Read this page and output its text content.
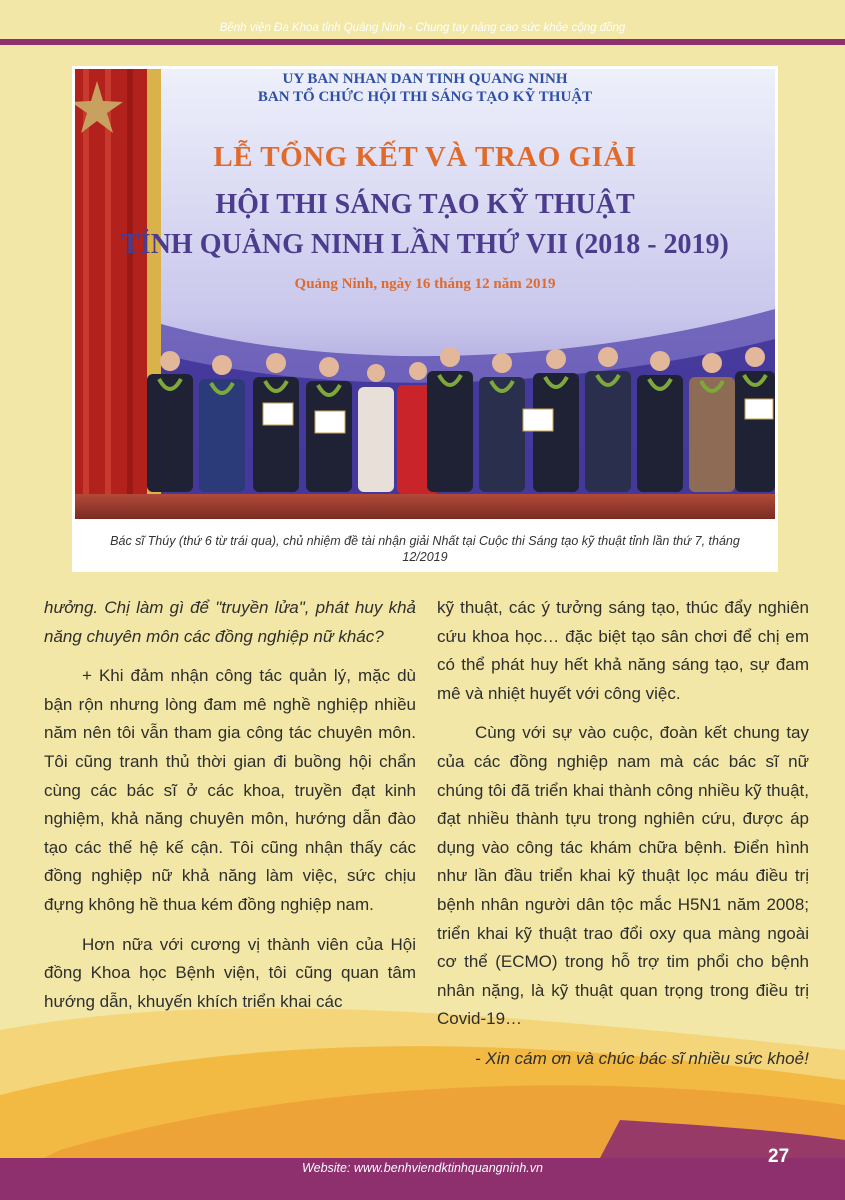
Bệnh viện Đa Khoa tỉnh Quảng Ninh - Chung tay nâng cao sức khỏe cộng đồng
UY BAN NHAN DAN TINH QUANG NINH
BAN TỔ CHỨC HỘI THI SÁNG TẠO KỸ THUẬT
LỄ TỔNG KẾT VÀ TRAO GIẢI
HỘI THI SÁNG TẠO KỸ THUẬT
TỈNH QUẢNG NINH LẦN THỨ VII (2018 - 2019)
Quảng Ninh, ngày 16 tháng 12 năm 2019
Bác sĩ Thúy (thứ 6 từ trái qua), chủ nhiệm đề tài nhận giải Nhất tại Cuộc thi Sáng tạo kỹ thuật tỉnh lần thứ 7, tháng 12/2019

hưởng. Chị làm gì để "truyền lửa", phát huy khả năng chuyên môn các đồng nghiệp nữ khác?

+ Khi đảm nhận công tác quản lý, mặc dù bận rộn nhưng lòng đam mê nghề nghiệp nhiều năm nên tôi vẫn tham gia công tác chuyên môn. Tôi cũng tranh thủ thời gian đi buồng hội chẩn cùng các bác sĩ ở các khoa, truyền đạt kinh nghiệm, khả năng chuyên môn, hướng dẫn đào tạo các thế hệ kế cận. Tôi cũng nhận thấy các đồng nghiệp nữ khả năng làm việc, sức chịu đựng không hề thua kém đồng nghiệp nam.

Hơn nữa với cương vị thành viên của Hội đồng Khoa học Bệnh viện, tôi cũng quan tâm hướng dẫn, khuyến khích triển khai các

kỹ thuật, các ý tưởng sáng tạo, thúc đẩy nghiên cứu khoa học… đặc biệt tạo sân chơi để chị em có thể phát huy hết khả năng sáng tạo, sự đam mê và nhiệt huyết với công việc.

Cùng với sự vào cuộc, đoàn kết chung tay của các đồng nghiệp nam mà các bác sĩ nữ chúng tôi đã triển khai thành công nhiều kỹ thuật, đạt nhiều thành tựu trong nghiên cứu, được áp dụng vào công tác khám chữa bệnh. Điển hình như lần đầu triển khai kỹ thuật lọc máu điều trị bệnh nhân người dân tộc mắc H5N1 năm 2008; triển khai kỹ thuật trao đổi oxy qua màng ngoài cơ thể (ECMO) trong hỗ trợ tim phổi cho bệnh nhân nặng, là kỹ thuật quan trọng trong điều trị Covid-19…

- Xin cám ơn và chúc bác sĩ nhiều sức khoẻ!

Website: www.benhviendktinhquangninh.vn
27
